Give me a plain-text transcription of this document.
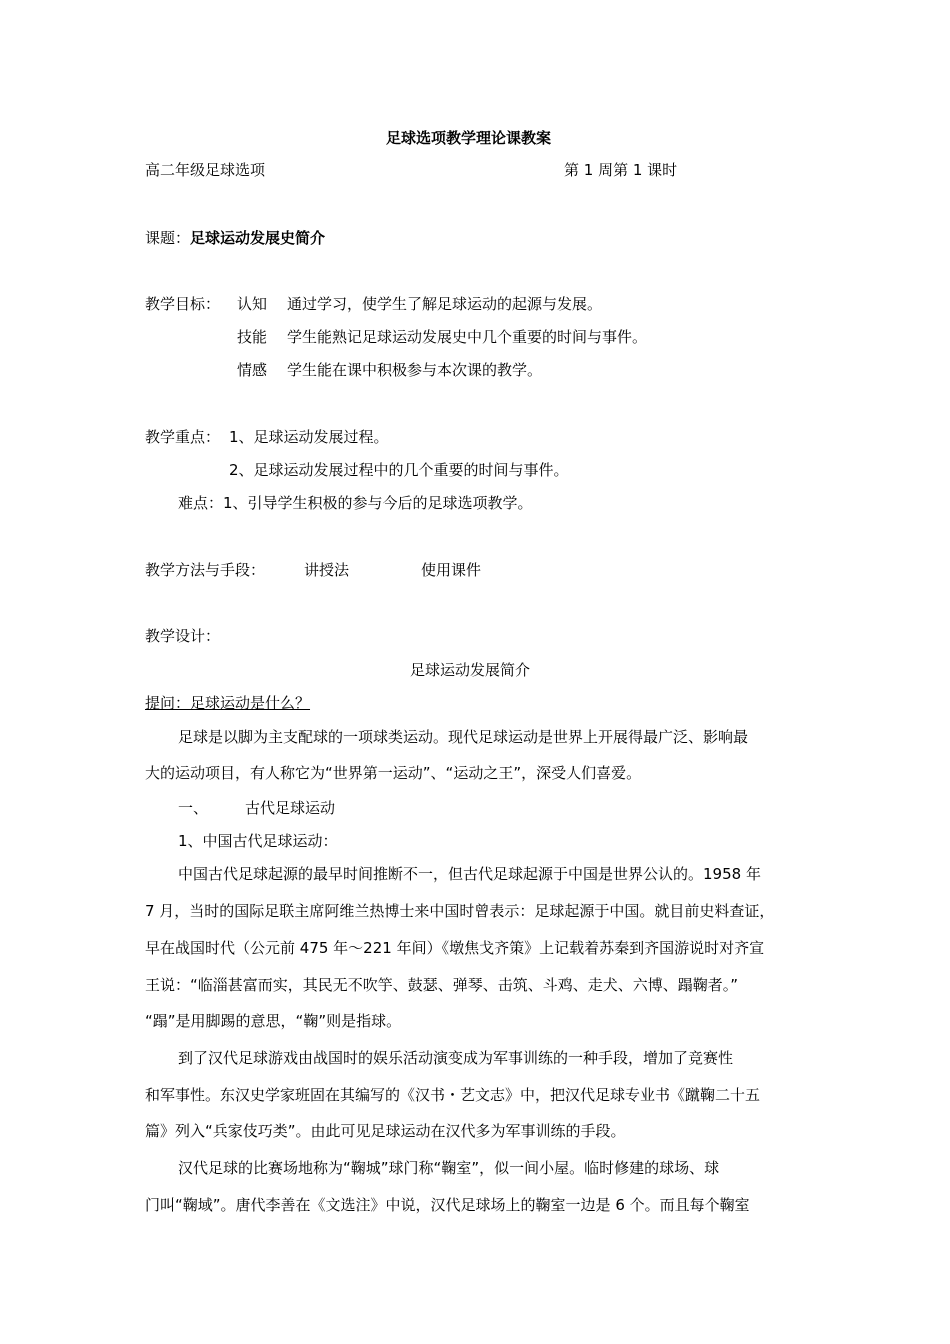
足球选项教学理论课教案
高二年级足球选项	第 1 周第 1 课时
课题：足球运动发展史简介
教学目标： 认知 通过学习，使学生了解足球运动的起源与发展。
技能 学生能熟记足球运动发展史中几个重要的时间与事件。
情感 学生能在课中积极参与本次课的教学。
教学重点： 1、足球运动发展过程。
2、足球运动发展过程中的几个重要的时间与事件。
难点：1、引导学生积极的参与今后的足球选项教学。
教学方法与手段：	讲授法	使用课件
教学设计：
足球运动发展简介
提问：足球运动是什么？
足球是以脚为主支配球的一项球类运动。现代足球运动是世界上开展得最广泛、影响最
大的运动项目，有人称它为“世界第一运动”、“运动之王”，深受人们喜爱。
一、 古代足球运动
1、中国古代足球运动：
中国古代足球起源的最早时间推断不一，但古代足球起源于中国是世界公认的。1958 年
7 月，当时的国际足联主席阿维兰热博士来中国时曾表示：足球起源于中国。就目前史料查证，
早在战国时代（公元前 475 年～221 年间）《墩焦戈齐策》上记载着苏秦到齐国游说时对齐宣
王说：“临淄甚富而实，其民无不吹竽、鼓瑟、弹琴、击筑、斗鸡、走犬、六博、蹋鞠者。”
“蹋”是用脚踢的意思，“鞠”则是指球。
到了汉代足球游戏由战国时的娱乐活动演变成为军事训练的一种手段，增加了竞赛性
和军事性。东汉史学家班固在其编写的《汉书・艺文志》中，把汉代足球专业书《蹴鞠二十五
篇》列入“兵家伎巧类”。由此可见足球运动在汉代多为军事训练的手段。
汉代足球的比赛场地称为“鞠城”球门称“鞠室”，似一间小屋。临时修建的球场、球
门叫“鞠域”。唐代李善在《文选注》中说，汉代足球场上的鞠室一边是 6 个。而且每个鞠室
